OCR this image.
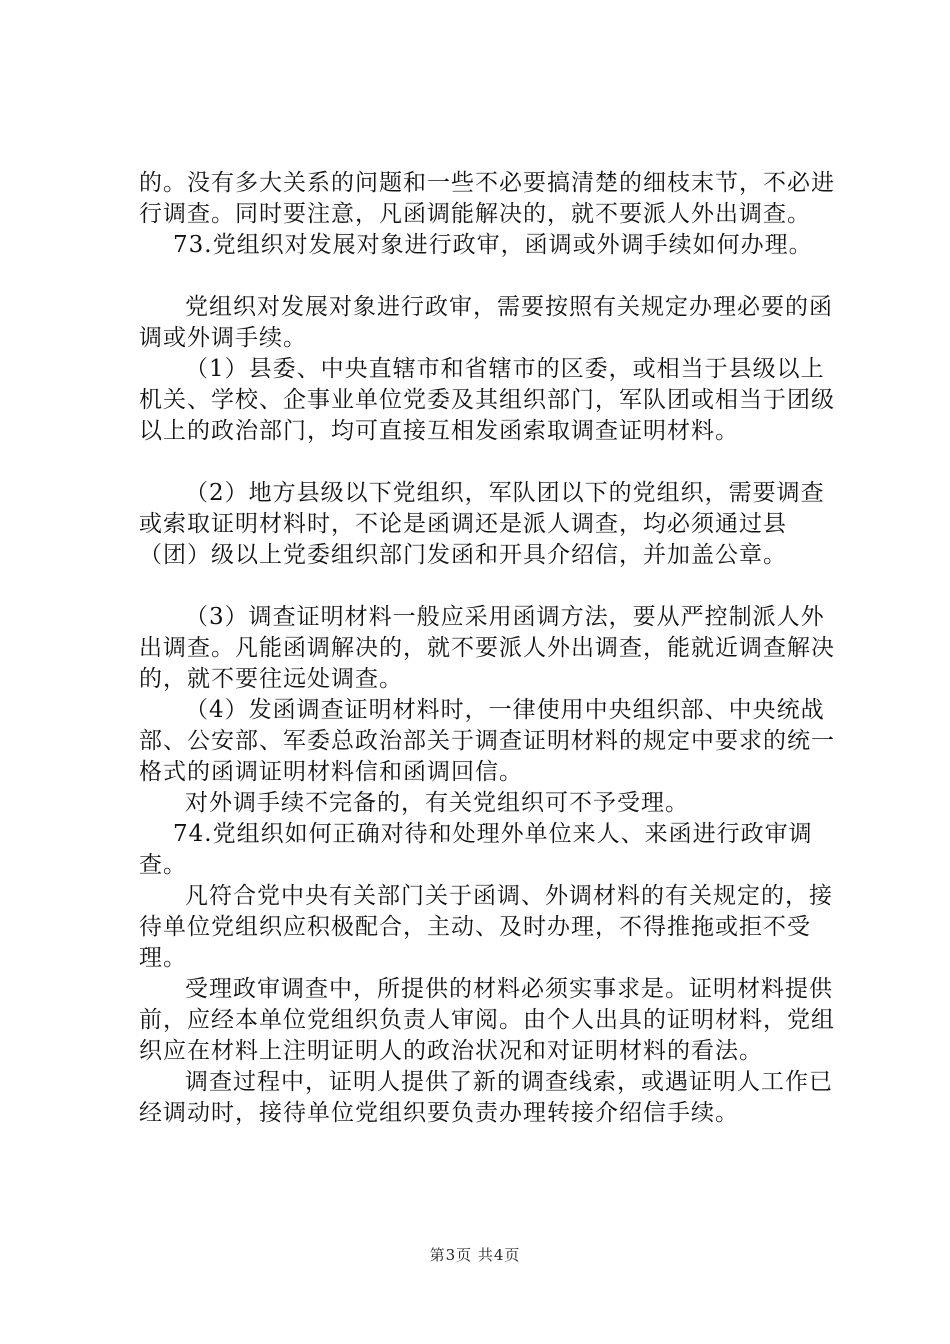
的。没有多大关系的问题和一些不必要搞清楚的细枝末节，不必进行调查。同时要注意，凡函调能解决的，就不要派人外出调查。

73.党组织对发展对象进行政审，函调或外调手续如何办理。

党组织对发展对象进行政审，需要按照有关规定办理必要的函调或外调手续。

（1）县委、中央直辖市和省辖市的区委，或相当于县级以上机关、学校、企事业单位党委及其组织部门，军队团或相当于团级以上的政治部门，均可直接互相发函索取调查证明材料。

（2）地方县级以下党组织，军队团以下的党组织，需要调查或索取证明材料时，不论是函调还是派人调查，均必须通过县（团）级以上党委组织部门发函和开具介绍信，并加盖公章。

（3）调查证明材料一般应采用函调方法，要从严控制派人外出调查。凡能函调解决的，就不要派人外出调查，能就近调查解决的，就不要往远处调查。

（4）发函调查证明材料时，一律使用中央组织部、中央统战部、公安部、军委总政治部关于调查证明材料的规定中要求的统一格式的函调证明材料信和函调回信。

对外调手续不完备的，有关党组织可不予受理。

74.党组织如何正确对待和处理外单位来人、来函进行政审调查。

凡符合党中央有关部门关于函调、外调材料的有关规定的，接待单位党组织应积极配合，主动、及时办理，不得推拖或拒不受理。

受理政审调查中，所提供的材料必须实事求是。证明材料提供前，应经本单位党组织负责人审阅。由个人出具的证明材料，党组织应在材料上注明证明人的政治状况和对证明材料的看法。

调查过程中，证明人提供了新的调查线索，或遇证明人工作已经调动时，接待单位党组织要负责办理转接介绍信手续。

第3页 共4页
